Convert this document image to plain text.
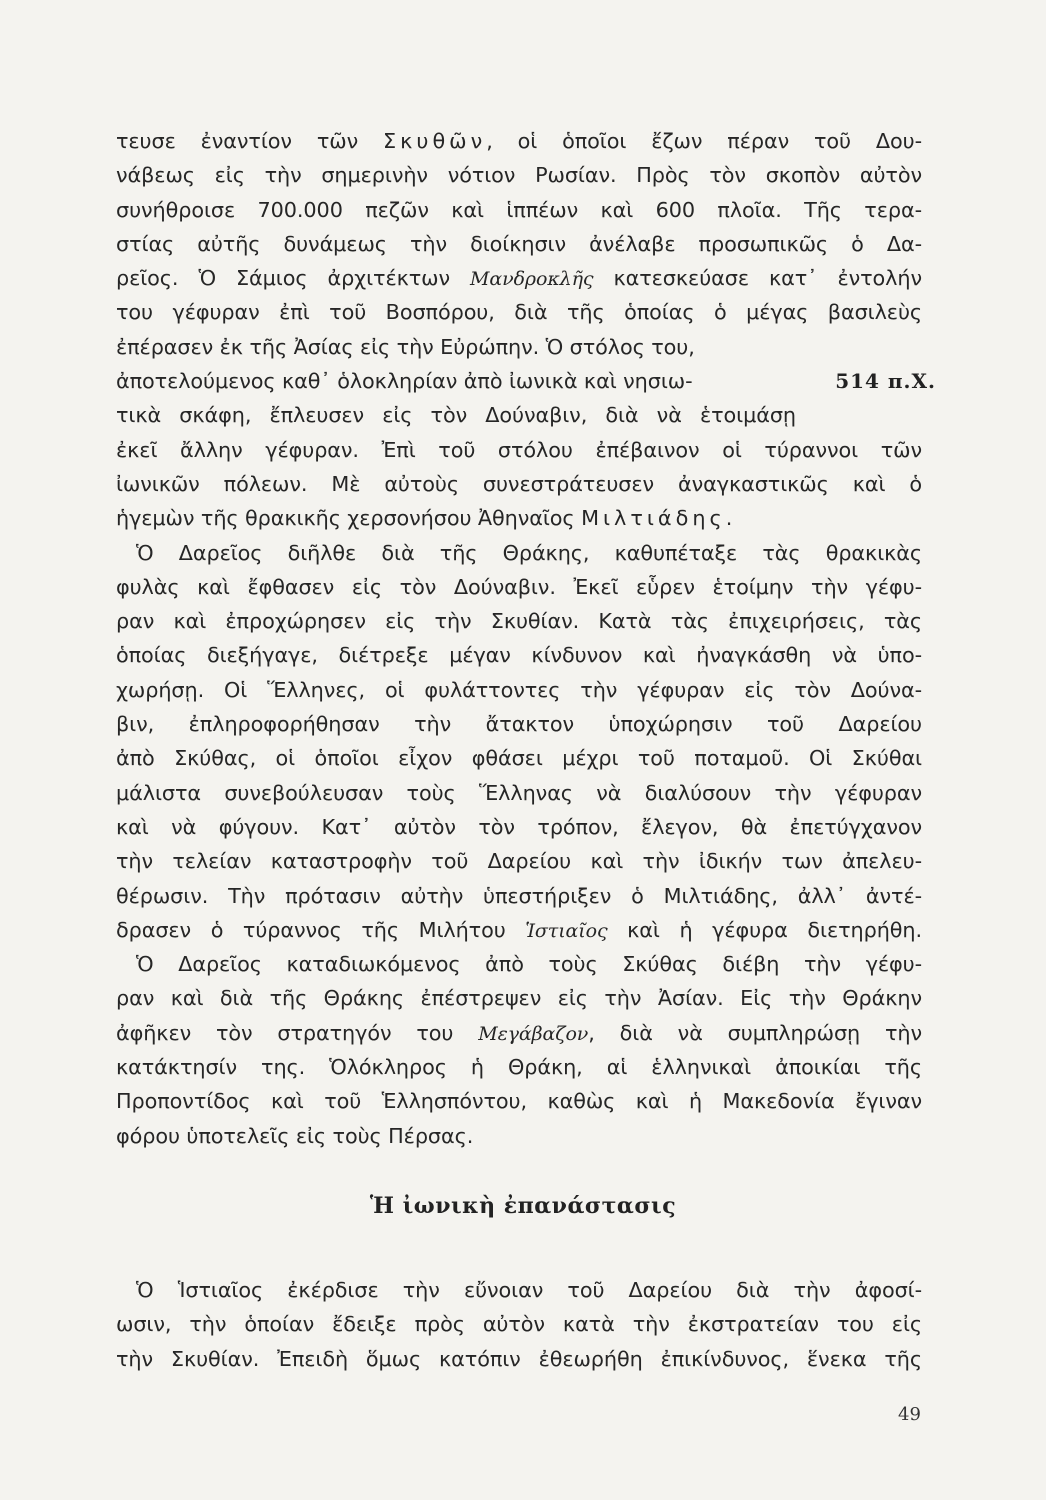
τευσε ἐναντίον τῶν Σκυθῶν, οἱ ὁποῖοι ἔζων πέραν τοῦ Δου-
νάβεως εἰς τὴν σημερινὴν νότιον Ρωσίαν. Πρὸς τὸν σκοπὸν αὐτὸν
συνήθροισε 700.000 πεζῶν καὶ ἱππέων καὶ 600 πλοῖα. Τῆς τερα-
στίας αὐτῆς δυνάμεως τὴν διοίκησιν ἀνέλαβε προσωπικῶς ὁ Δα-
ρεῖος. Ὁ Σάμιος ἀρχιτέκτων Μανδροκλῆς κατεσκεύασε κατ᾽ ἐντολήν
του γέφυραν ἐπὶ τοῦ Βοσπόρου, διὰ τῆς ὁποίας ὁ μέγας βασιλεὺς
ἐπέρασεν ἐκ τῆς Ἀσίας εἰς τὴν Εὐρώπην. Ὁ στόλος του,
ἀποτελούμενος καθ᾽ ὁλοκληρίαν ἀπὸ ἰωνικὰ καὶ νησιω-	514 π.Χ.
τικὰ σκάφη, ἔπλευσεν εἰς τὸν Δούναβιν, διὰ νὰ ἑτοιμάσῃ
ἐκεῖ ἄλλην γέφυραν. Ἐπὶ τοῦ στόλου ἐπέβαινον οἱ τύραννοι τῶν
ἰωνικῶν πόλεων. Μὲ αὐτοὺς συνεστράτευσεν ἀναγκαστικῶς καὶ ὁ
ἡγεμὼν τῆς θρακικῆς χερσονήσου Ἀθηναῖος Μιλτιάδης.
Ὁ Δαρεῖος διῆλθε διὰ τῆς Θράκης, καθυπέταξε τὰς θρακικὰς
φυλὰς καὶ ἔφθασεν εἰς τὸν Δούναβιν. Ἐκεῖ εὗρεν ἑτοίμην τὴν γέφυ-
ραν καὶ ἐπροχώρησεν εἰς τὴν Σκυθίαν. Κατὰ τὰς ἐπιχειρήσεις, τὰς
ὁποίας διεξήγαγε, διέτρεξε μέγαν κίνδυνον καὶ ἠναγκάσθη νὰ ὑπο-
χωρήσῃ. Οἱ Ἕλληνες, οἱ φυλάττοντες τὴν γέφυραν εἰς τὸν Δούνα-
βιν, ἐπληροφορήθησαν τὴν ἄτακτον ὑποχώρησιν τοῦ Δαρείου
ἀπὸ Σκύθας, οἱ ὁποῖοι εἶχον φθάσει μέχρι τοῦ ποταμοῦ. Οἱ Σκύθαι
μάλιστα συνεβούλευσαν τοὺς Ἕλληνας νὰ διαλύσουν τὴν γέφυραν
καὶ νὰ φύγουν. Κατ᾽ αὐτὸν τὸν τρόπον, ἔλεγον, θὰ ἐπετύγχανον
τὴν τελείαν καταστροφὴν τοῦ Δαρείου καὶ τὴν ἰδικήν των ἀπελευ-
θέρωσιν. Τὴν πρότασιν αὐτὴν ὑπεστήριξεν ὁ Μιλτιάδης, ἀλλ᾽ ἀντέ-
δρασεν ὁ τύραννος τῆς Μιλήτου Ἱστιαῖος καὶ ἡ γέφυρα διετηρήθη.
Ὁ Δαρεῖος καταδιωκόμενος ἀπὸ τοὺς Σκύθας διέβη τὴν γέφυ-
ραν καὶ διὰ τῆς Θράκης ἐπέστρεψεν εἰς τὴν Ἀσίαν. Εἰς τὴν Θράκην
ἀφῆκεν τὸν στρατηγόν του Μεγάβαζον, διὰ νὰ συμπληρώσῃ τὴν
κατάκτησίν της. Ὁλόκληρος ἡ Θράκη, αἱ ἑλληνικαὶ ἀποικίαι τῆς
Προποντίδος καὶ τοῦ Ἑλλησπόντου, καθὼς καὶ ἡ Μακεδονία ἔγιναν
φόρου ὑποτελεῖς εἰς τοὺς Πέρσας.
Ἡ ἰωνικὴ ἐπανάστασις
Ὁ Ἱστιαῖος ἐκέρδισε τὴν εὔνοιαν τοῦ Δαρείου διὰ τὴν ἀφοσί-
ωσιν, τὴν ὁποίαν ἔδειξε πρὸς αὐτὸν κατὰ τὴν ἐκστρατείαν του εἰς
τὴν Σκυθίαν. Ἐπειδὴ ὅμως κατόπιν ἐθεωρήθη ἐπικίνδυνος, ἕνεκα τῆς
49
